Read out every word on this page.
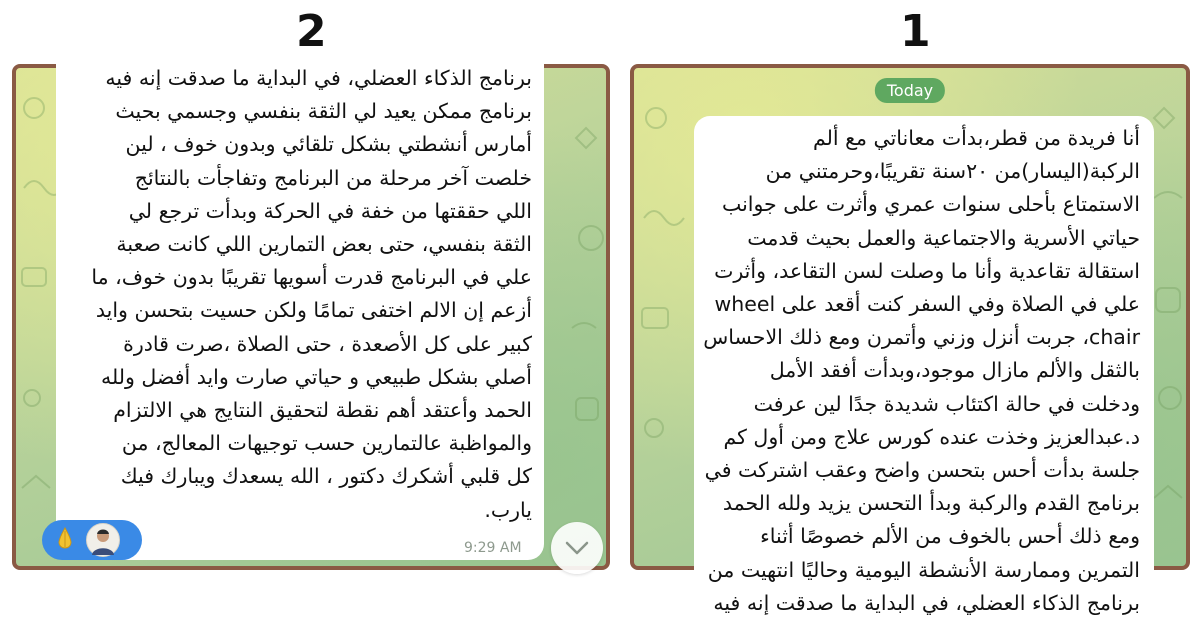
2	1

برنامج الذكاء العضلي، في البداية ما صدقت إنه فيه
برنامج ممكن يعيد لي الثقة بنفسي وجسمي بحيث
أمارس أنشطتي بشكل تلقائي وبدون خوف ، لين
خلصت آخر مرحلة من البرنامج وتفاجأت بالنتائج
اللي حققتها من خفة في الحركة وبدأت ترجع لي
الثقة بنفسي، حتى بعض التمارين اللي كانت صعبة
علي في البرنامج قدرت أسويها تقريبًا بدون خوف، ما
أزعم إن الالم اختفى تمامًا ولكن حسيت بتحسن وايد
كبير على كل الأصعدة ، حتى الصلاة ،صرت قادرة
أصلي بشكل طبيعي و حياتي صارت وايد أفضل ولله
الحمد وأعتقد أهم نقطة لتحقيق النتايج هي الالتزام
والمواظبة عالتمارين حسب توجيهات المعالج، من
كل قلبي أشكرك دكتور ، الله يسعدك ويبارك فيك
يارب.

9:29 AM
Today

أنا فريدة من قطر،بدأت معاناتي مع ألم
الركبة(اليسار)من ٢٠سنة تقريبًا،وحرمتني من
الاستمتاع بأحلى سنوات عمري وأثرت على جوانب
حياتي الأسرية والاجتماعية والعمل بحيث قدمت
استقالة تقاعدية وأنا ما وصلت لسن التقاعد، وأثرت
علي في الصلاة وفي السفر كنت أقعد على wheel
chair، جربت أنزل وزني وأتمرن ومع ذلك الاحساس
بالثقل والألم مازال موجود،وبدأت أفقد الأمل
ودخلت في حالة اكتئاب شديدة جدًا لين عرفت
د.عبدالعزيز وخذت عنده كورس علاج ومن أول كم
جلسة بدأت أحس بتحسن واضح وعقب اشتركت في
برنامج القدم والركبة وبدأ التحسن يزيد ولله الحمد
ومع ذلك أحس بالخوف من الألم خصوصًا أثناء
التمرين وممارسة الأنشطة اليومية وحاليًا انتهيت من
برنامج الذكاء العضلي، في البداية ما صدقت إنه فيه
